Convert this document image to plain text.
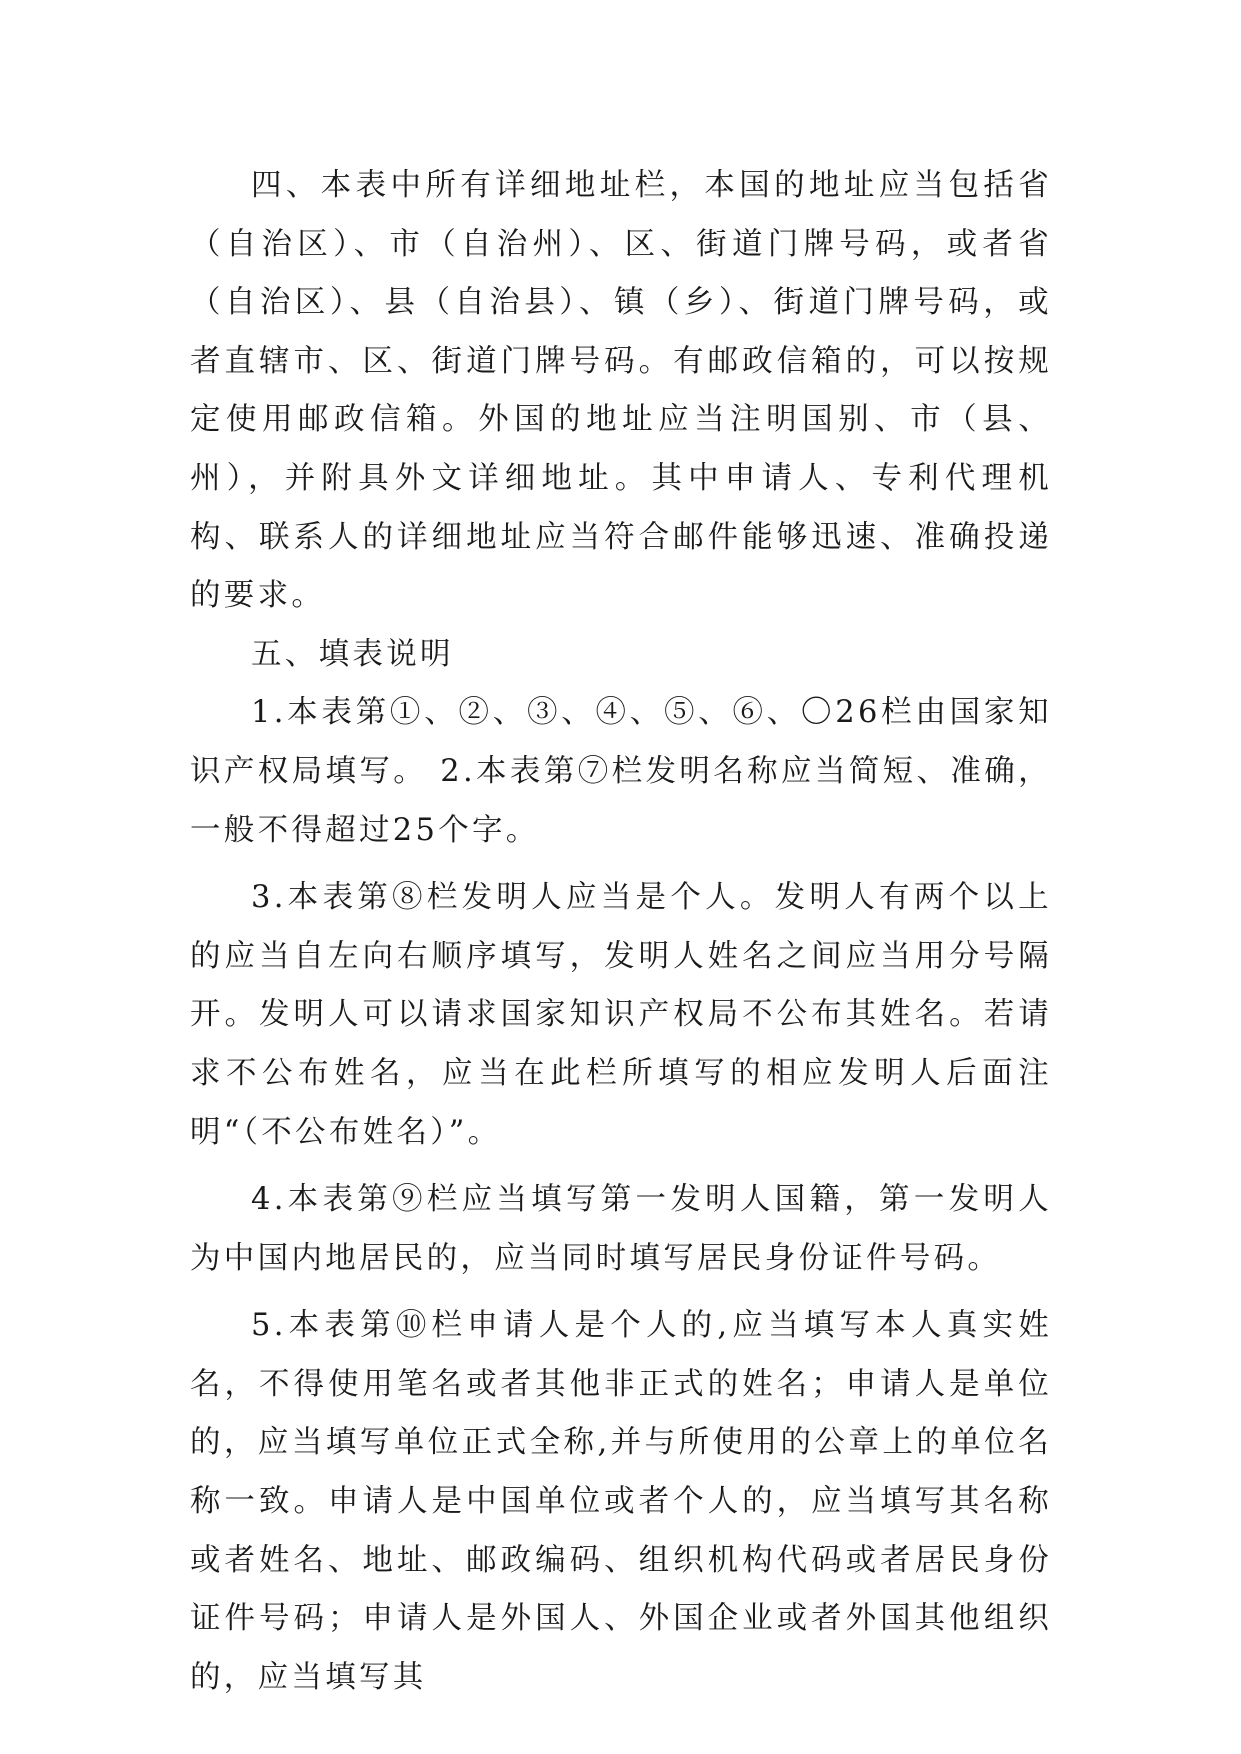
四、本表中所有详细地址栏，本国的地址应当包括省（自治区）、市（自治州）、区、街道门牌号码，或者省（自治区）、县（自治县）、镇（乡）、街道门牌号码，或者直辖市、区、街道门牌号码。有邮政信箱的，可以按规定使用邮政信箱。外国的地址应当注明国别、市（县、州），并附具外文详细地址。其中申请人、专利代理机构、联系人的详细地址应当符合邮件能够迅速、准确投递的要求。

五、填表说明

1.本表第①、②、③、④、⑤、⑥、〇26栏由国家知识产权局填写。 2.本表第⑦栏发明名称应当简短、准确，一般不得超过25个字。

3.本表第⑧栏发明人应当是个人。发明人有两个以上的应当自左向右顺序填写，发明人姓名之间应当用分号隔开。发明人可以请求国家知识产权局不公布其姓名。若请求不公布姓名，应当在此栏所填写的相应发明人后面注明“（不公布姓名）”。

4.本表第⑨栏应当填写第一发明人国籍，第一发明人为中国内地居民的，应当同时填写居民身份证件号码。

5.本表第⑩栏申请人是个人的,应当填写本人真实姓名，不得使用笔名或者其他非正式的姓名；申请人是单位的，应当填写单位正式全称,并与所使用的公章上的单位名称一致。申请人是中国单位或者个人的，应当填写其名称或者姓名、地址、邮政编码、组织机构代码或者居民身份证件号码；申请人是外国人、外国企业或者外国其他组织的，应当填写其
